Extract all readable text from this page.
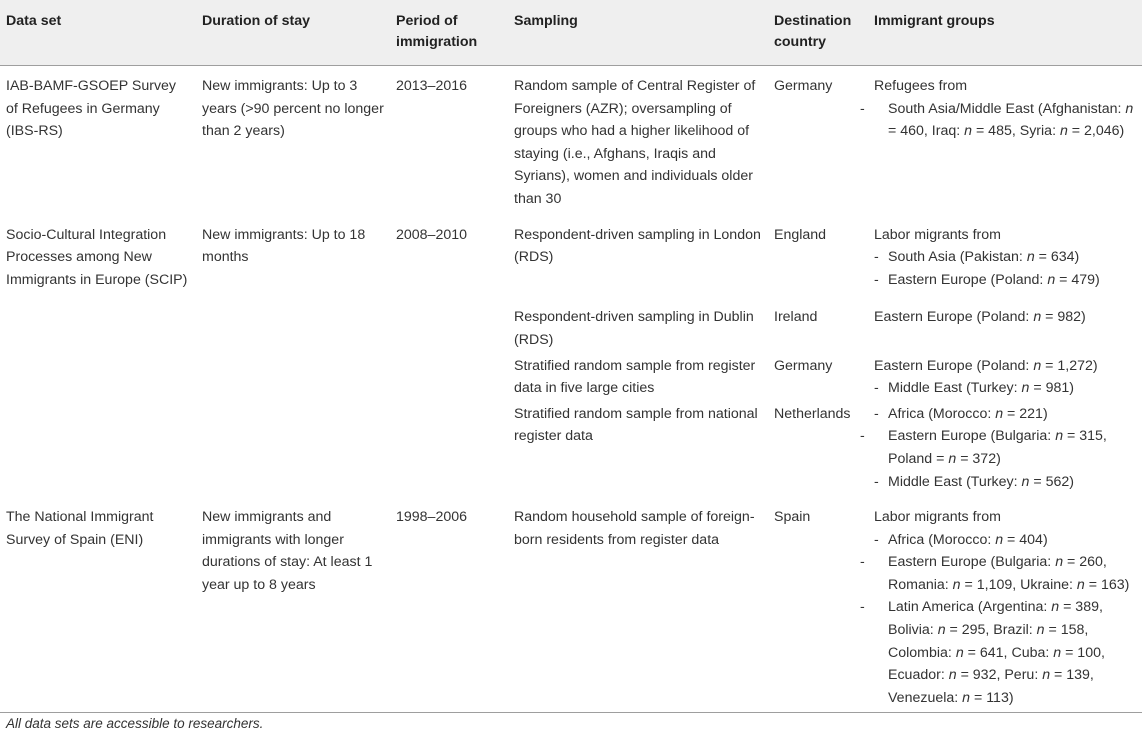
Data set	Duration of stay	Period of immigration	Sampling	Destination country	Immigrant groups
IAB-BAMF-GSOEP Survey of Refugees in Germany (IBS-RS)	New immigrants: Up to 3 years (>90 percent no longer than 2 years)	2013–2016	Random sample of Central Register of Foreigners (AZR); oversampling of groups who had a higher likelihood of staying (i.e., Afghans, Iraqis and Syrians), women and individuals older than 30	Germany	Refugees from
- South Asia/Middle East (Afghanistan: n = 460, Iraq: n = 485, Syria: n = 2,046)

Socio-Cultural Integration Processes among New Immigrants in Europe (SCIP)	New immigrants: Up to 18 months	2008–2010	Respondent-driven sampling in London (RDS)	England	Labor migrants from
- South Asia (Pakistan: n = 634)
- Eastern Europe (Poland: n = 479)

			Respondent-driven sampling in Dublin (RDS)	Ireland	Eastern Europe (Poland: n = 982)

			Stratified random sample from register data in five large cities	Germany	Eastern Europe (Poland: n = 1,272)
- Middle East (Turkey: n = 981)

			Stratified random sample from national register data	Netherlands	- Africa (Morocco: n = 221)
- Eastern Europe (Bulgaria: n = 315, Poland = n = 372)
- Middle East (Turkey: n = 562)

The National Immigrant Survey of Spain (ENI)	New immigrants and immigrants with longer durations of stay: At least 1 year up to 8 years	1998–2006	Random household sample of foreign-born residents from register data	Spain	Labor migrants from
- Africa (Morocco: n = 404)
- Eastern Europe (Bulgaria: n = 260, Romania: n = 1,109, Ukraine: n = 163)
- Latin America (Argentina: n = 389, Bolivia: n = 295, Brazil: n = 158, Colombia: n = 641, Cuba: n = 100, Ecuador: n = 932, Peru: n = 139, Venezuela: n = 113)
All data sets are accessible to researchers.
